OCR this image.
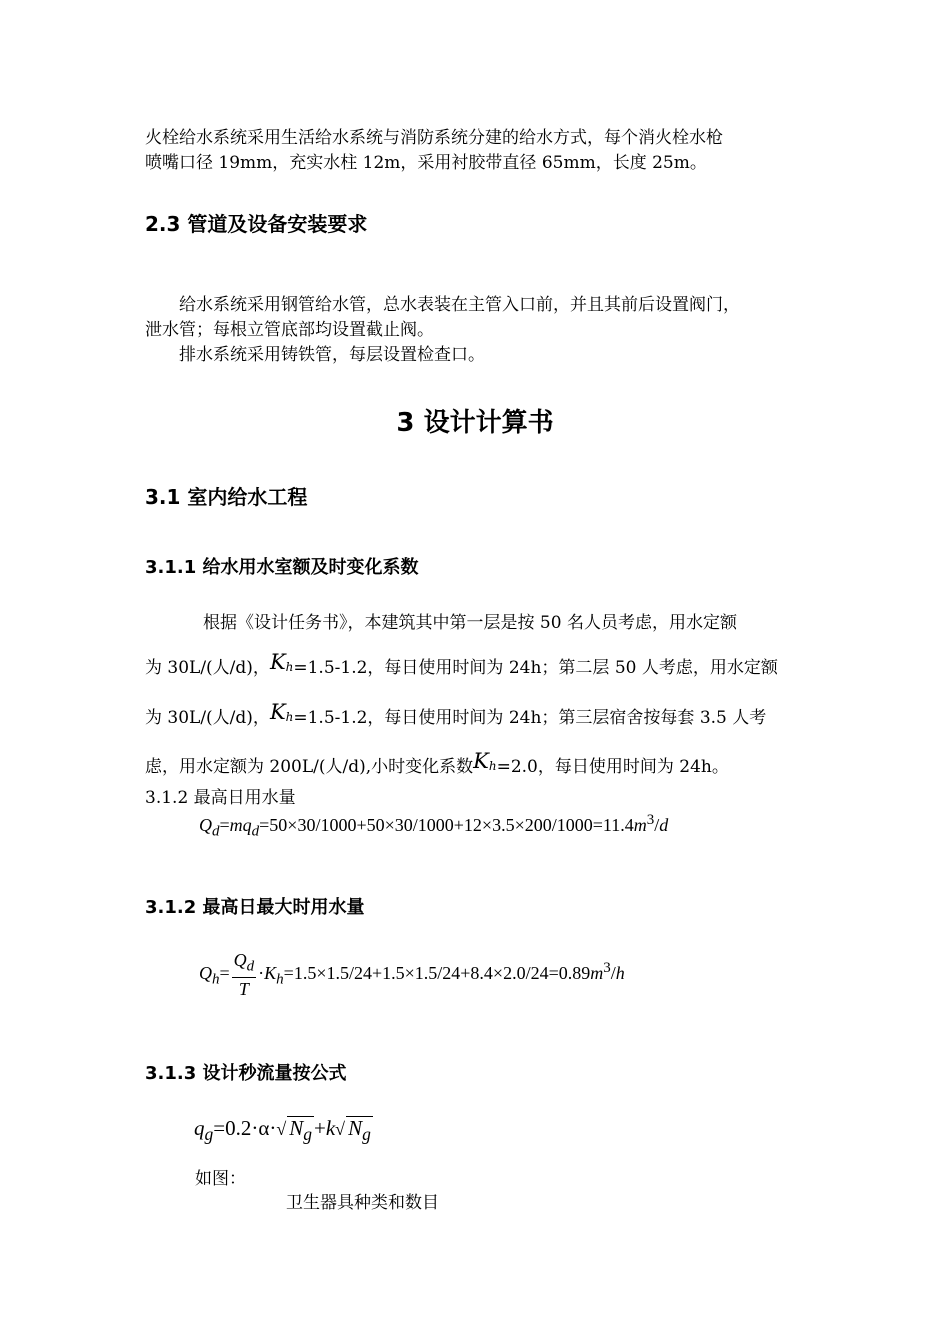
火栓给水系统采用生活给水系统与消防系统分建的给水方式，每个消火栓水枪
喷嘴口径 19mm，充实水柱 12m，采用衬胶带直径 65mm，长度 25m。
2.3 管道及设备安装要求
给水系统采用钢管给水管，总水表装在主管入口前，并且其前后设置阀门，
泄水管；每根立管底部均设置截止阀。
排水系统采用铸铁管，每层设置检查口。
3 设计计算书
3.1 室内给水工程
3.1.1 给水用水室额及时变化系数
根据《设计任务书》，本建筑其中第一层是按 50 名人员考虑，用水定额
为 30L/(人/d)，$K_h=1.5-1.2$，每日使用时间为 24h；第二层 50 人考虑，用水定额
为 30L/(人/d)，$K_h=1.5-1.2$，每日使用时间为 24h；第三层宿舍按每套 3.5 人考
虑，用水定额为 200L/(人/d),小时变化系数$K_h=2.0$，每日使用时间为 24h。
3.1.2 最高日用水量
$Q_d=mq_d=50\times 30/1000+50\times 30/1000+12\times 3.5\times 200/1000=11.4m^3/d$
3.1.2 最高日最大时用水量
$Q_h= \frac{Q_d}{T} \cdot K_h=1.5\times 1.5/24+1.5\times 1.5/24+8.4\times 2.0/24=0.89m^3/h$
3.1.3 设计秒流量按公式
$q_g=0.2\cdot\alpha\cdot√$ $N_g+k√$ $N_g$
如图：
卫生器具种类和数目
